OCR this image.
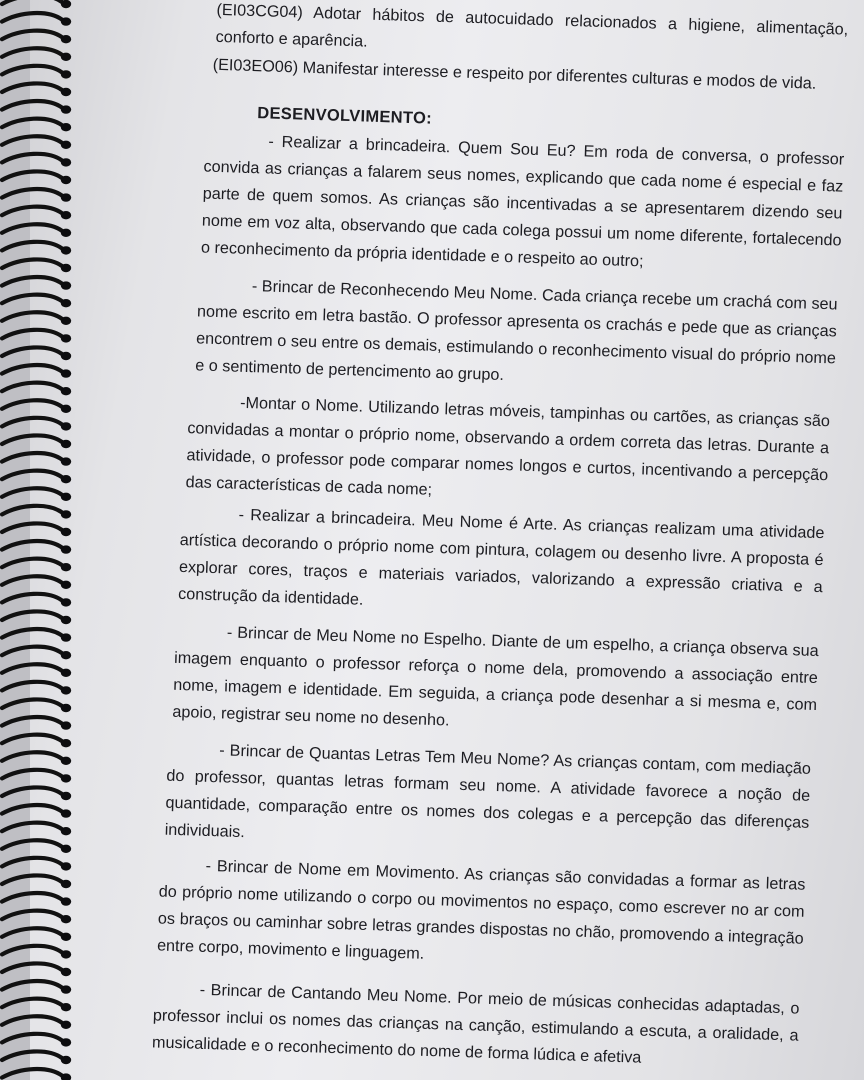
(EI03CG04) Adotar hábitos de autocuidado relacionados a higiene, alimentação, conforto e aparência.

(EI03EO06) Manifestar interesse e respeito por diferentes culturas e modos de vida.

DESENVOLVIMENTO:

- Realizar a brincadeira. Quem Sou Eu? Em roda de conversa, o professor convida as crianças a falarem seus nomes, explicando que cada nome é especial e faz parte de quem somos. As crianças são incentivadas a se apresentarem dizendo seu nome em voz alta, observando que cada colega possui um nome diferente, fortalecendo o reconhecimento da própria identidade e o respeito ao outro;

- Brincar de Reconhecendo Meu Nome. Cada criança recebe um crachá com seu nome escrito em letra bastão. O professor apresenta os crachás e pede que as crianças encontrem o seu entre os demais, estimulando o reconhecimento visual do próprio nome e o sentimento de pertencimento ao grupo.

-Montar o Nome. Utilizando letras móveis, tampinhas ou cartões, as crianças são convidadas a montar o próprio nome, observando a ordem correta das letras. Durante a atividade, o professor pode comparar nomes longos e curtos, incentivando a percepção das características de cada nome;

- Realizar a brincadeira. Meu Nome é Arte. As crianças realizam uma atividade artística decorando o próprio nome com pintura, colagem ou desenho livre. A proposta é explorar cores, traços e materiais variados, valorizando a expressão criativa e a construção da identidade.

- Brincar de Meu Nome no Espelho. Diante de um espelho, a criança observa sua imagem enquanto o professor reforça o nome dela, promovendo a associação entre nome, imagem e identidade. Em seguida, a criança pode desenhar a si mesma e, com apoio, registrar seu nome no desenho.

- Brincar de Quantas Letras Tem Meu Nome? As crianças contam, com mediação do professor, quantas letras formam seu nome. A atividade favorece a noção de quantidade, comparação entre os nomes dos colegas e a percepção das diferenças individuais.

- Brincar de Nome em Movimento. As crianças são convidadas a formar as letras do próprio nome utilizando o corpo ou movimentos no espaço, como escrever no ar com os braços ou caminhar sobre letras grandes dispostas no chão, promovendo a integração entre corpo, movimento e linguagem.

- Brincar de Cantando Meu Nome. Por meio de músicas conhecidas adaptadas, o professor inclui os nomes das crianças na canção, estimulando a escuta, a oralidade, a musicalidade e o reconhecimento do nome de forma lúdica e afetiva
